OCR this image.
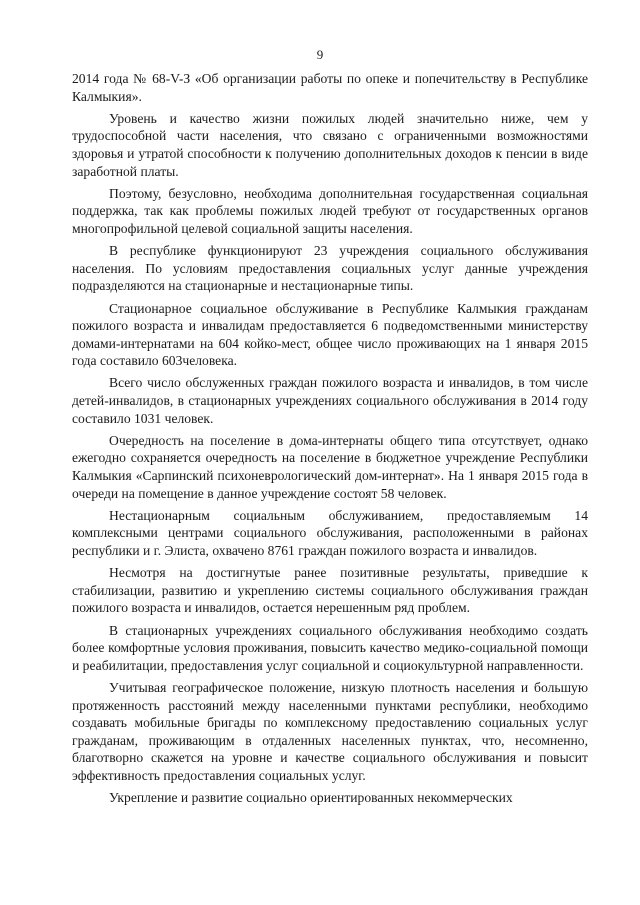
9

2014 года № 68-V-З «Об организации работы по опеке и попечительству в Республике Калмыкия».

Уровень и качество жизни пожилых людей значительно ниже, чем у трудоспособной части населения, что связано с ограниченными возможностями здоровья и утратой способности к получению дополнительных доходов к пенсии в виде заработной платы.

Поэтому, безусловно, необходима дополнительная государственная социальная поддержка, так как проблемы пожилых людей требуют от государственных органов многопрофильной целевой социальной защиты населения.

В республике функционируют 23 учреждения социального обслуживания населения. По условиям предоставления социальных услуг данные учреждения подразделяются на стационарные и нестационарные типы.

Стационарное социальное обслуживание в Республике Калмыкия гражданам пожилого возраста и инвалидам предоставляется 6 подведомственными министерству домами-интернатами на 604 койко-мест, общее число проживающих на 1 января 2015 года составило 603человека.

Всего число обслуженных граждан пожилого возраста и инвалидов, в том числе детей-инвалидов, в стационарных учреждениях социального обслуживания в 2014 году составило 1031 человек.

Очередность на поселение в дома-интернаты общего типа отсутствует, однако ежегодно сохраняется очередность на поселение в бюджетное учреждение Республики Калмыкия «Сарпинский психоневрологический дом-интернат». На 1 января 2015 года в очереди на помещение в данное учреждение состоят 58 человек.

Нестационарным социальным обслуживанием, предоставляемым 14 комплексными центрами социального обслуживания, расположенными в районах республики и г. Элиста, охвачено 8761 граждан пожилого возраста и инвалидов.

Несмотря на достигнутые ранее позитивные результаты, приведшие к стабилизации, развитию и укреплению системы социального обслуживания граждан пожилого возраста и инвалидов, остается нерешенным ряд проблем.

В стационарных учреждениях социального обслуживания необходимо создать более комфортные условия проживания, повысить качество медико-социальной помощи и реабилитации, предоставления услуг социальной и социокультурной направленности.

Учитывая географическое положение, низкую плотность населения и большую протяженность расстояний между населенными пунктами республики, необходимо создавать мобильные бригады по комплексному предоставлению социальных услуг гражданам, проживающим в отдаленных населенных пунктах, что, несомненно, благотворно скажется на уровне и качестве социального обслуживания и повысит эффективность предоставления социальных услуг.

Укрепление и развитие социально ориентированных некоммерческих
